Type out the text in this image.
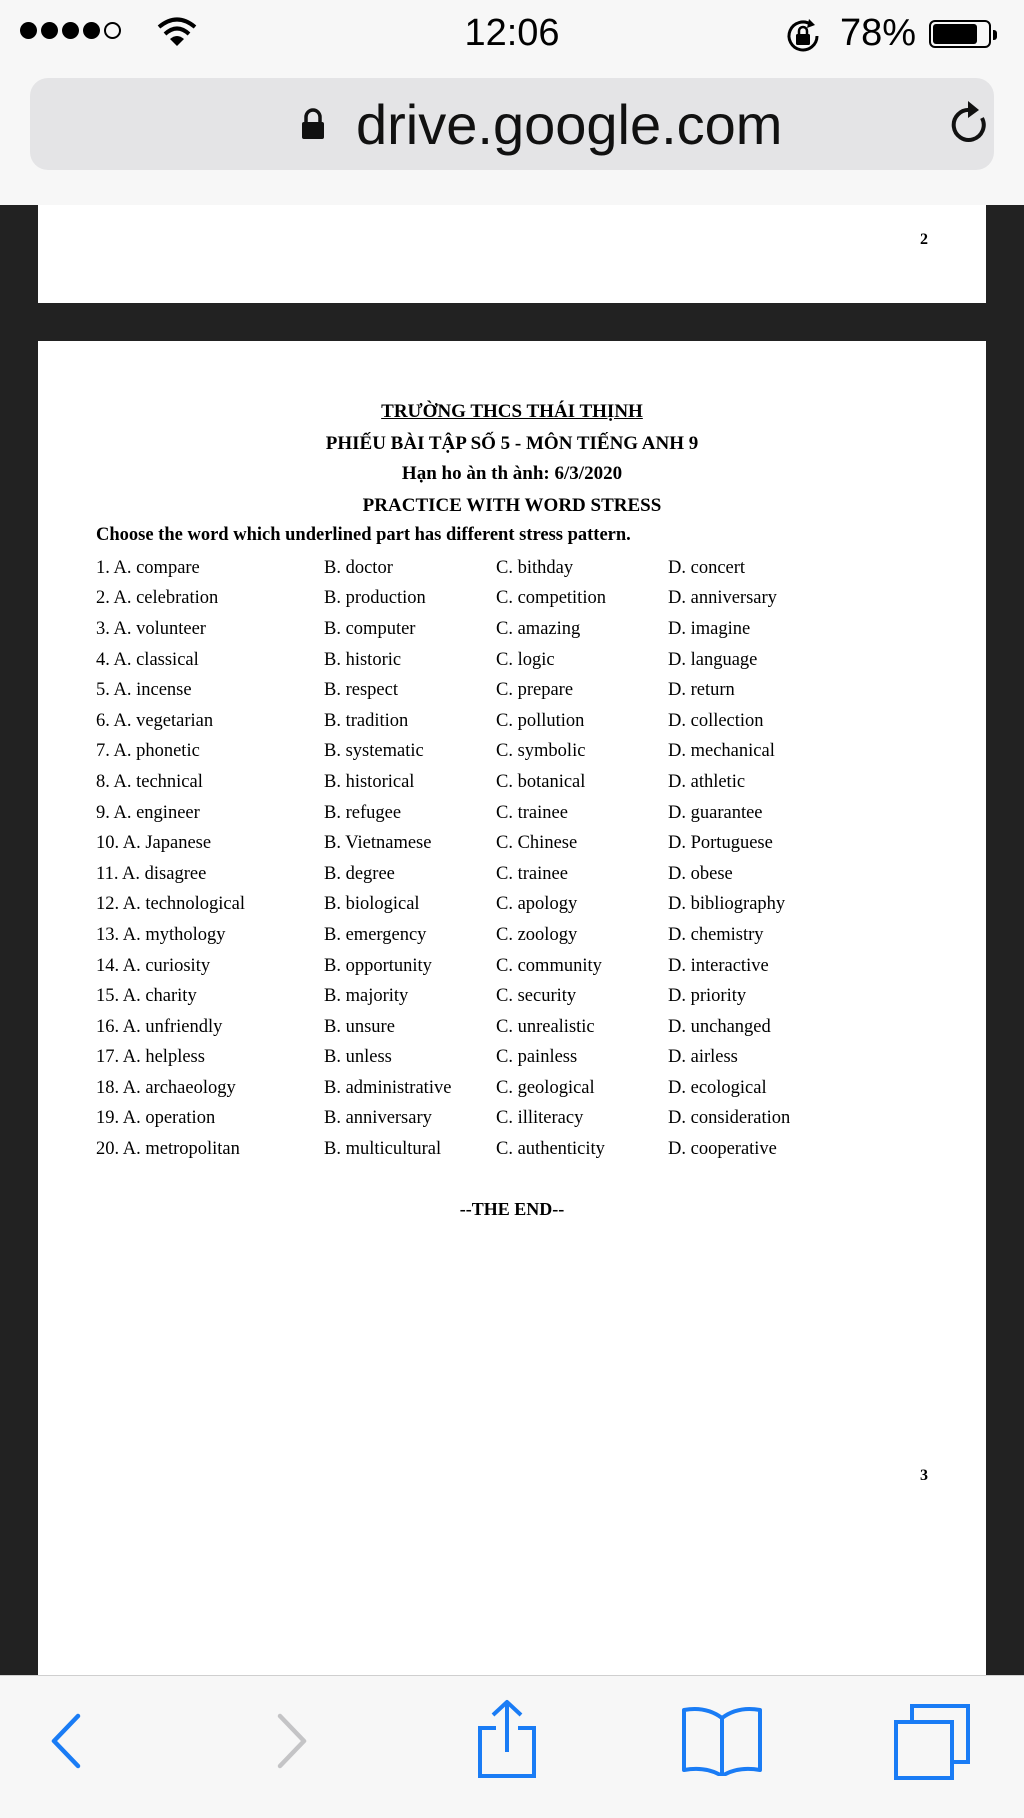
12:06	78%
drive.google.com
2
TRƯỜNG THCS THÁI THỊNH
PHIẾU BÀI TẬP SỐ 5 - MÔN TIẾNG ANH 9
Hạn ho àn th ành: 6/3/2020
PRACTICE WITH WORD STRESS
Choose the word which underlined part has different stress pattern.
1. A. compare	B. doctor	C. bithday	D. concert
2. A. celebration	B. production	C. competition	D. anniversary
3. A. volunteer	B. computer	C. amazing	D. imagine
4. A. classical	B. historic	C. logic	D. language
5. A. incense	B. respect	C. prepare	D. return
6. A. vegetarian	B. tradition	C. pollution	D. collection
7. A. phonetic	B. systematic	C. symbolic	D. mechanical
8. A. technical	B. historical	C. botanical	D. athletic
9. A. engineer	B. refugee	C. trainee	D. guarantee
10. A. Japanese	B. Vietnamese	C. Chinese	D. Portuguese
11. A. disagree	B. degree	C. trainee	D. obese
12. A. technological	B. biological	C. apology	D. bibliography
13. A. mythology	B. emergency	C. zoology	D. chemistry
14. A. curiosity	B. opportunity	C. community	D. interactive
15. A. charity	B. majority	C. security	D. priority
16. A. unfriendly	B. unsure	C. unrealistic	D. unchanged
17. A. helpless	B. unless	C. painless	D. airless
18. A. archaeology	B. administrative	C. geological	D. ecological
19. A. operation	B. anniversary	C. illiteracy	D. consideration
20. A. metropolitan	B. multicultural	C. authenticity	D. cooperative
--THE END--
3
